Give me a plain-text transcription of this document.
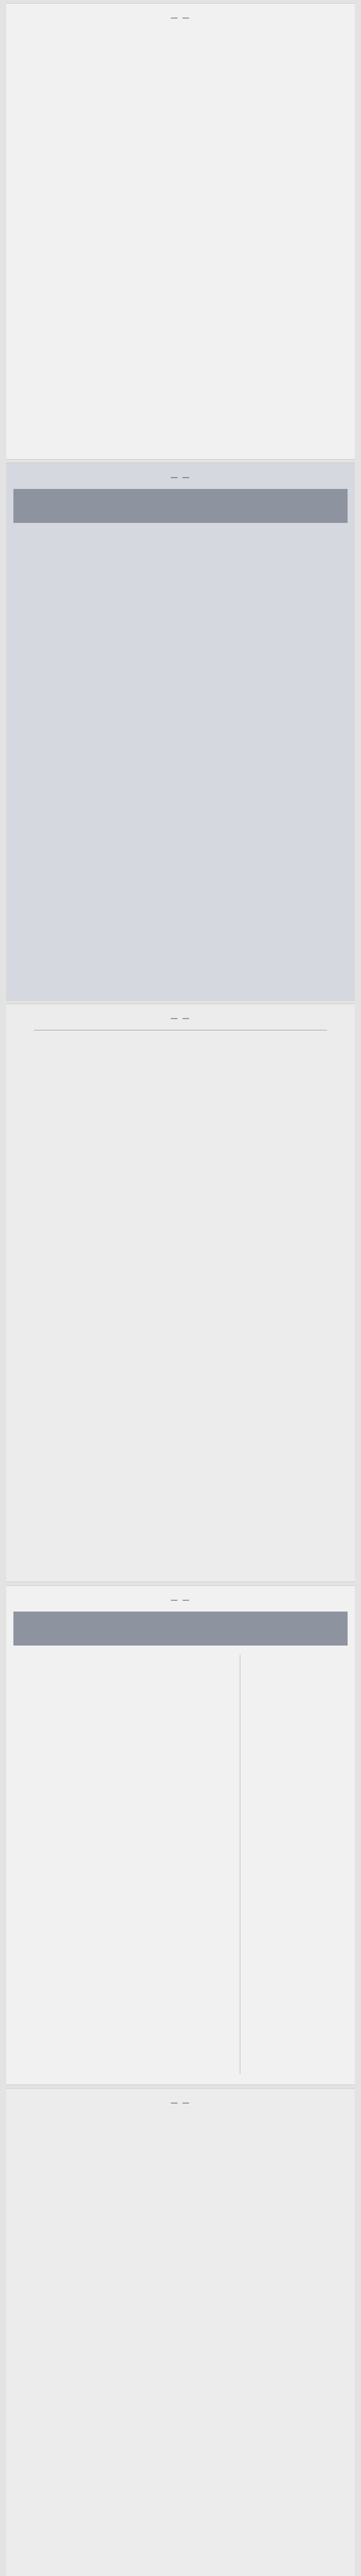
— —

— —

— —

— —

— —
